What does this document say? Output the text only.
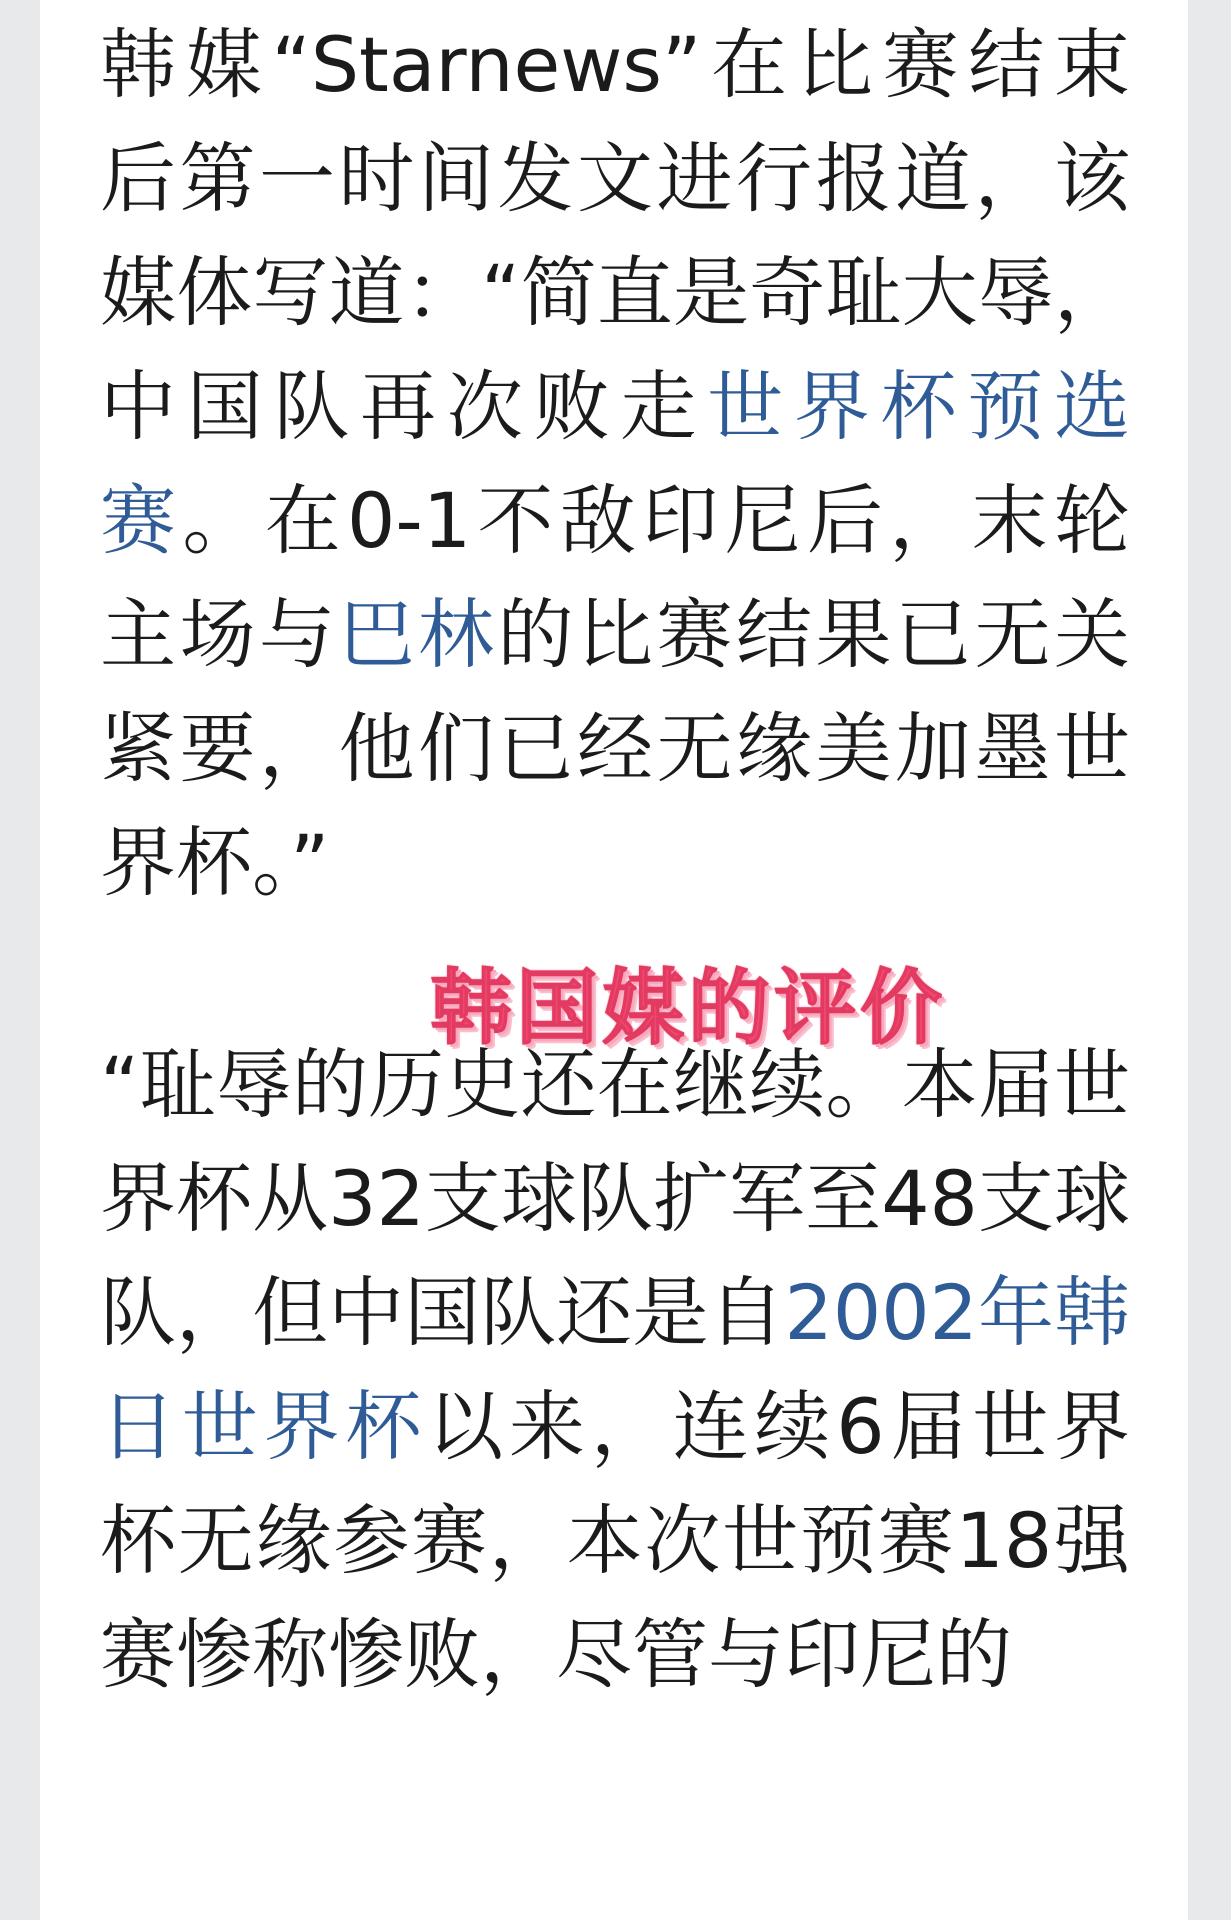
韩媒“Starnews”在比赛结束后第一时间发文进行报道，该媒体写道：“简直是奇耻大辱，中国队再次败走世界杯预选赛。在0-1不敌印尼后，末轮主场与巴林的比赛结果已无关紧要，他们已经无缘美加墨世界杯。”

“耻辱的历史还在继续。本届世界杯从32支球队扩军至48支球队，但中国队还是自2002年韩日世界杯以来，连续6届世界杯无缘参赛，本次世预赛18强赛惨称惨败，尽管与印尼的

韩国媒的评价
